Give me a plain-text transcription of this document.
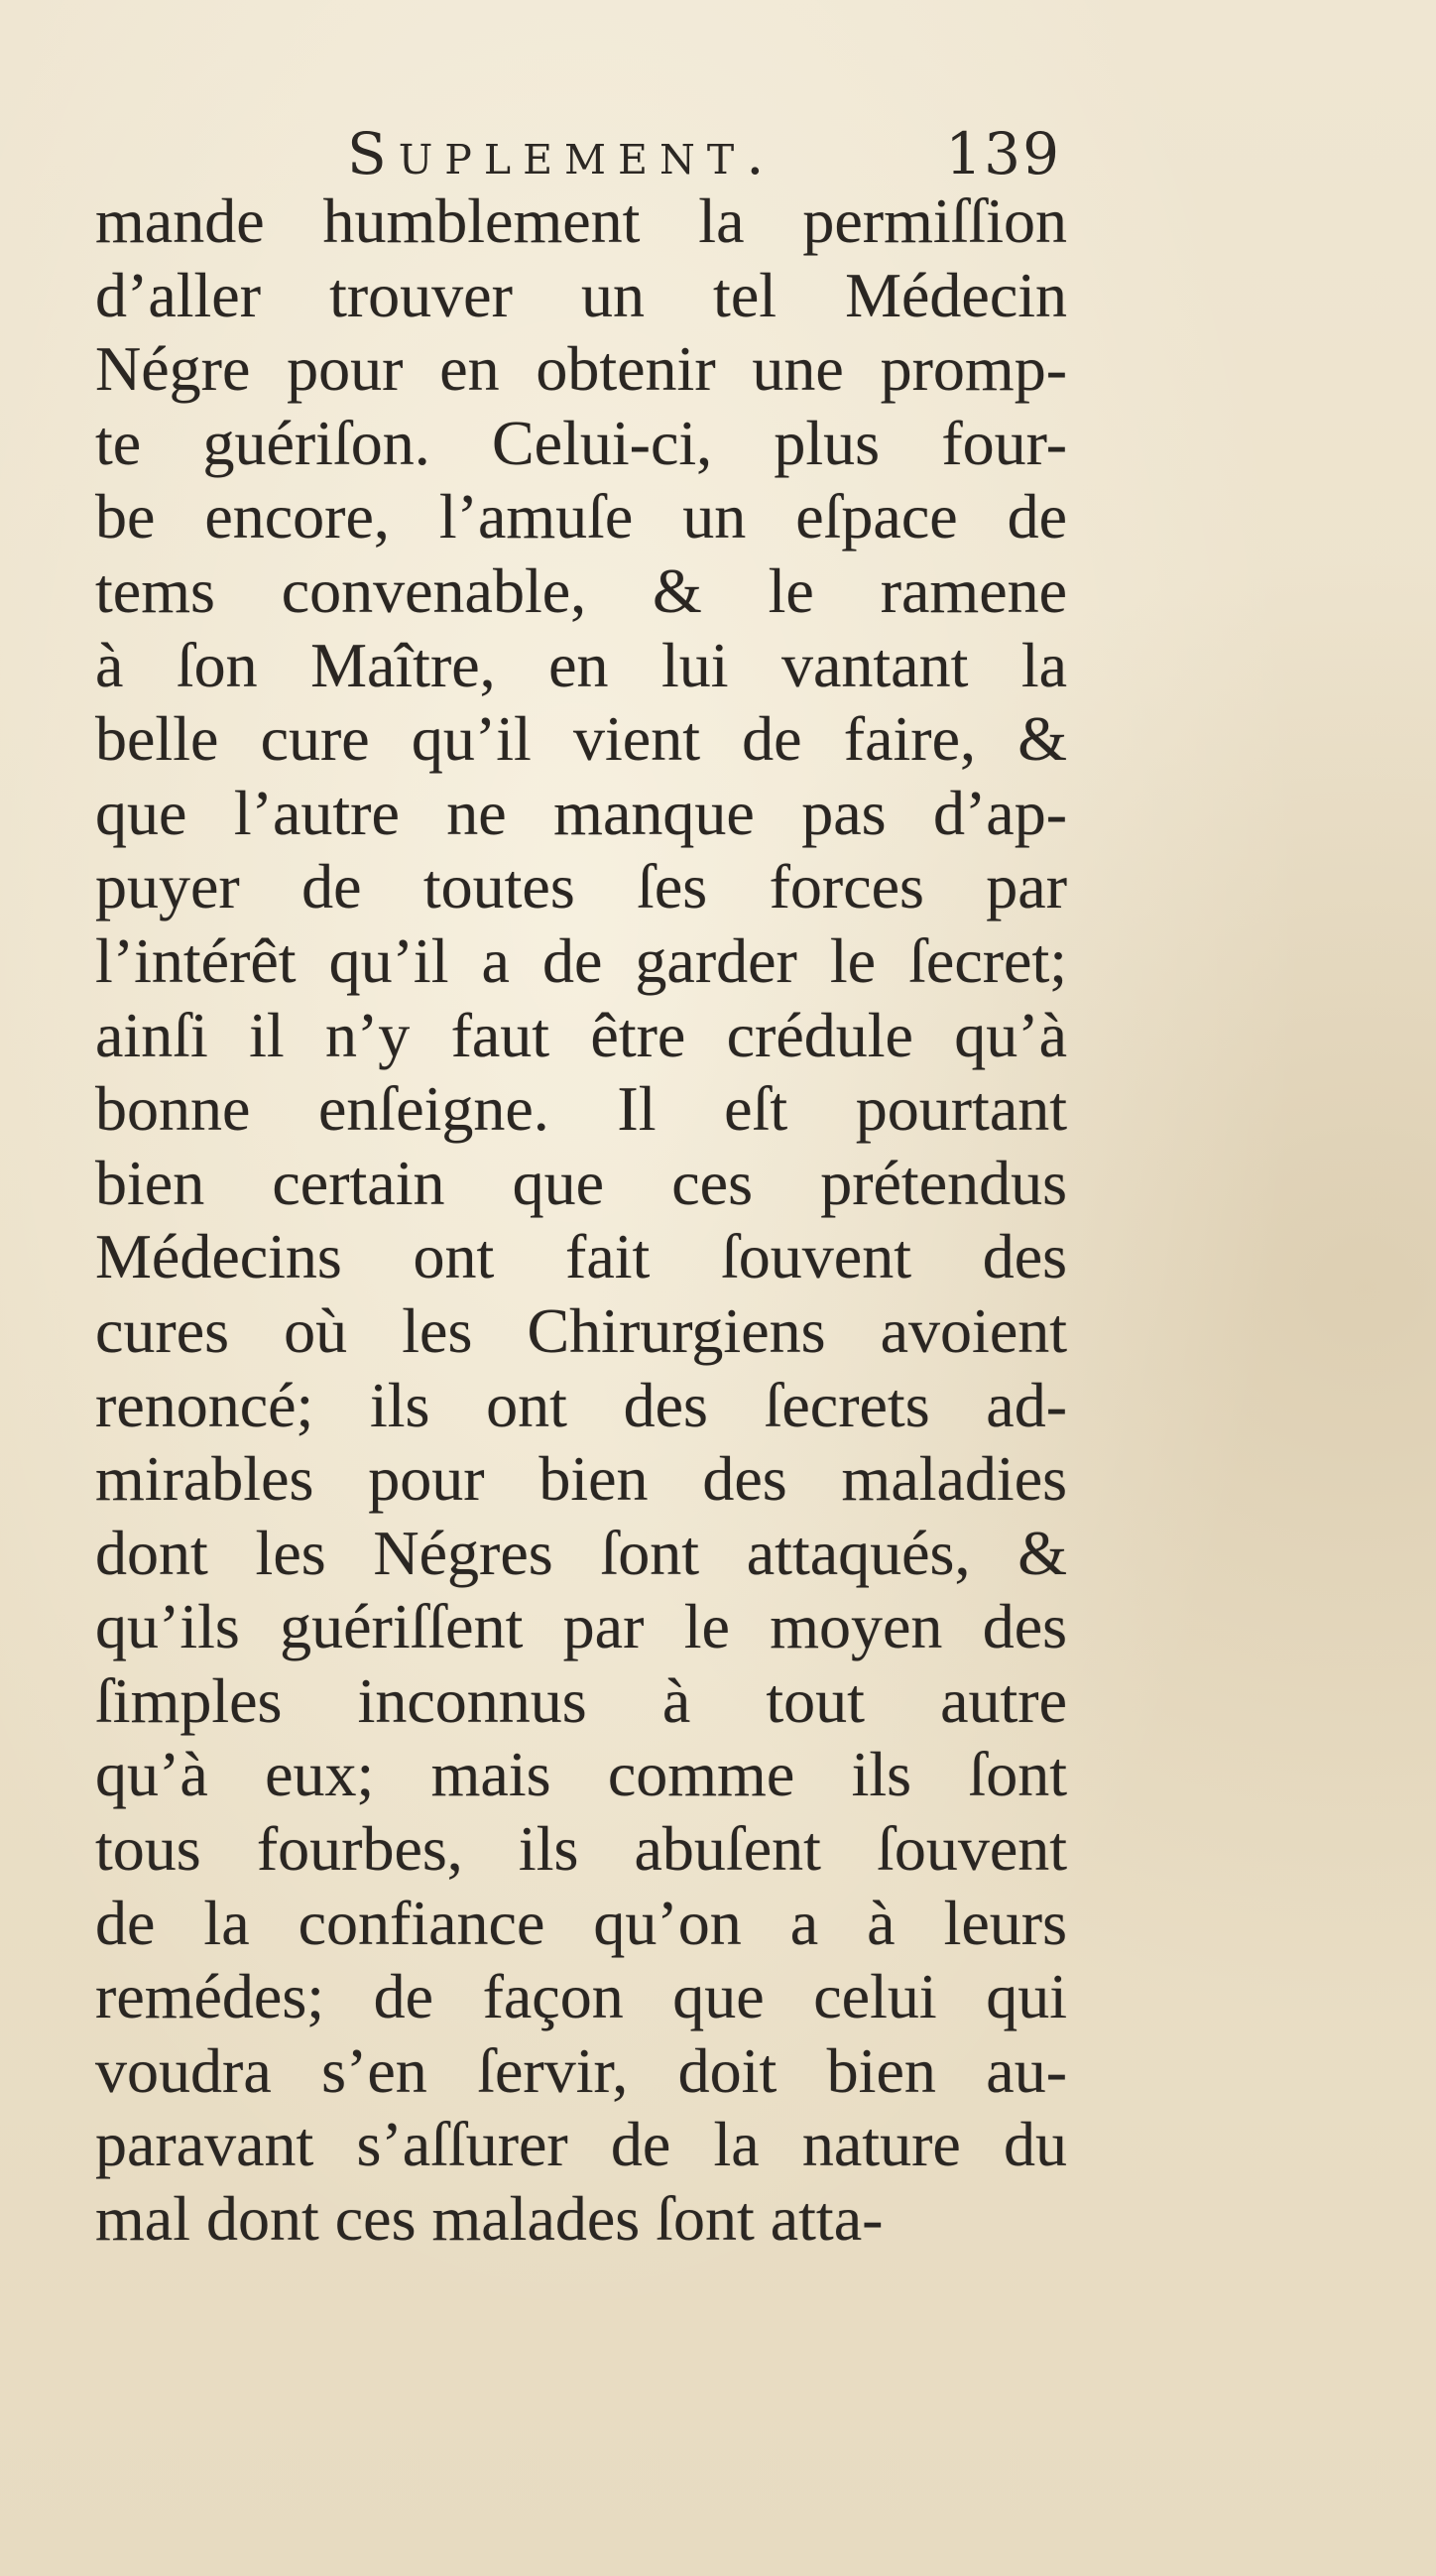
Suplement.	139
mande humblement la permiſſion
d’aller trouver un tel Médecin
Négre pour en obtenir une promp-
te guériſon. Celui-ci, plus four-
be encore, l’amuſe un eſpace de
tems convenable, & le ramene
à ſon Maître, en lui vantant la
belle cure qu’il vient de faire, &
que l’autre ne manque pas d’ap-
puyer de toutes ſes forces par
l’intérêt qu’il a de garder le ſecret;
ainſi il n’y faut être crédule qu’à
bonne enſeigne. Il eſt pourtant
bien certain que ces prétendus
Médecins ont fait ſouvent des
cures où les Chirurgiens avoient
renoncé; ils ont des ſecrets ad-
mirables pour bien des maladies
dont les Négres ſont attaqués, &
qu’ils guériſſent par le moyen des
ſimples inconnus à tout autre
qu’à eux; mais comme ils ſont
tous fourbes, ils abuſent ſouvent
de la confiance qu’on a à leurs
remédes; de façon que celui qui
voudra s’en ſervir, doit bien au-
paravant s’aſſurer de la nature du
mal dont ces malades ſont atta-
